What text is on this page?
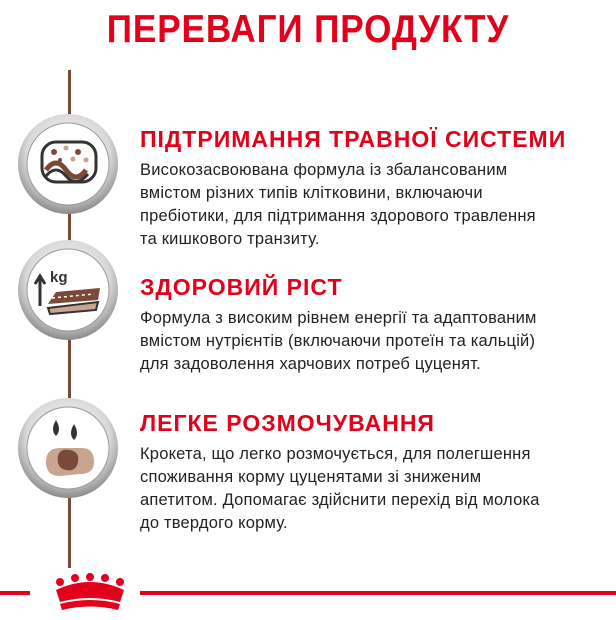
ПЕРЕВАГИ ПРОДУКТУ
kg
ПІДТРИМАННЯ ТРАВНОЇ СИСТЕМИ

Високозасвоювана формула із збалансованим
вмістом різних типів клітковини, включаючи
пребіотики, для підтримання здорового травлення
та кишкового транзиту.

ЗДОРОВИЙ РІСТ

Формула з високим рівнем енергії та адаптованим
вмістом нутрієнтів (включаючи протеїн та кальцій)
для задоволення харчових потреб цуценят.

ЛЕГКЕ РОЗМОЧУВАННЯ

Крокета, що легко розмочується, для полегшення
споживання корму цуценятами зі зниженим
апетитом. Допомагає здійснити перехід від молока
до твердого корму.
